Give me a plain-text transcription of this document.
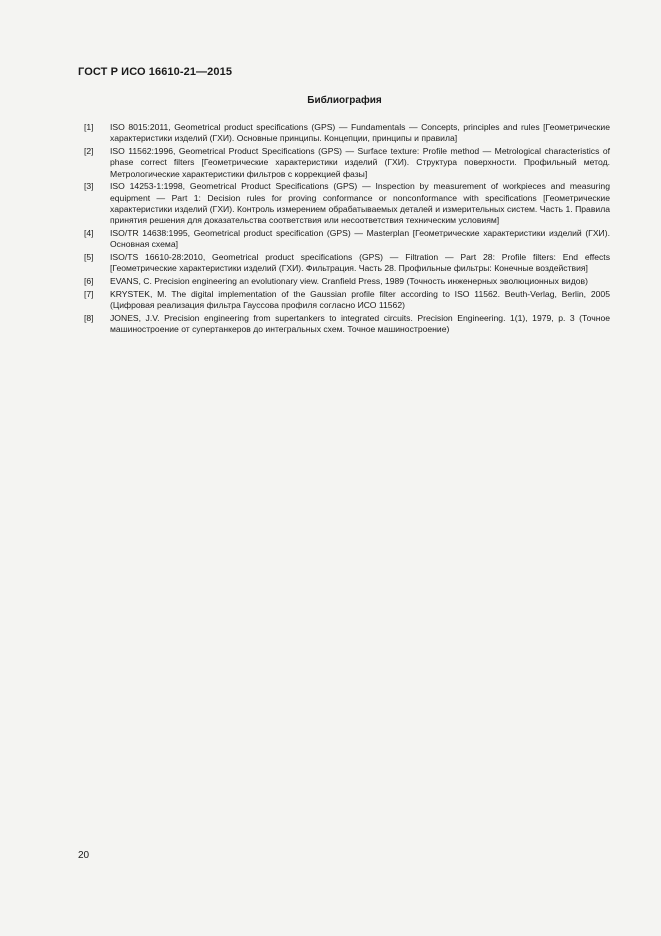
ГОСТ Р ИСО 16610-21—2015
Библиография
[1]	ISO 8015:2011, Geometrical product specifications (GPS) — Fundamentals — Concepts, principles and rules [Геометрические характеристики изделий (ГХИ). Основные принципы. Концепции, принципы и правила]
[2]	ISO 11562:1996, Geometrical Product Specifications (GPS) — Surface texture: Profile method — Metrological characteristics of phase correct filters [Геометрические характеристики изделий (ГХИ). Структура поверхности. Профильный метод. Метрологические характеристики фильтров с коррекцией фазы]
[3]	ISO 14253-1:1998, Geometrical Product Specifications (GPS) — Inspection by measurement of workpieces and measuring equipment — Part 1: Decision rules for proving conformance or nonconformance with specifications [Геометрические характеристики изделий (ГХИ). Контроль измерением обрабатываемых деталей и измерительных систем. Часть 1. Правила принятия решения для доказательства соответствия или несоответствия техническим условиям]
[4]	ISO/TR 14638:1995, Geometrical product specification (GPS) — Masterplan [Геометрические характеристики изделий (ГХИ). Основная схема]
[5]	ISO/TS 16610-28:2010, Geometrical product specifications (GPS) — Filtration — Part 28: Profile filters: End effects [Геометрические характеристики изделий (ГХИ). Фильтрация. Часть 28. Профильные фильтры: Конечные воздействия]
[6]	EVANS, С. Precision engineering an evolutionary view. Cranfield Press, 1989 (Точность инженерных эволюционных видов)
[7]	KRYSTEK, M. The digital implementation of the Gaussian profile filter according to ISO 11562. Beuth-Verlag, Berlin, 2005 (Цифровая реализация фильтра Гауссова профиля согласно ИСО 11562)
[8]	JONES, J.V. Precision engineering from supertankers to integrated circuits. Precision Engineering. 1(1), 1979, p. 3 (Точное машиностроение от супертанкеров до интегральных схем. Точное машиностроение)
20
